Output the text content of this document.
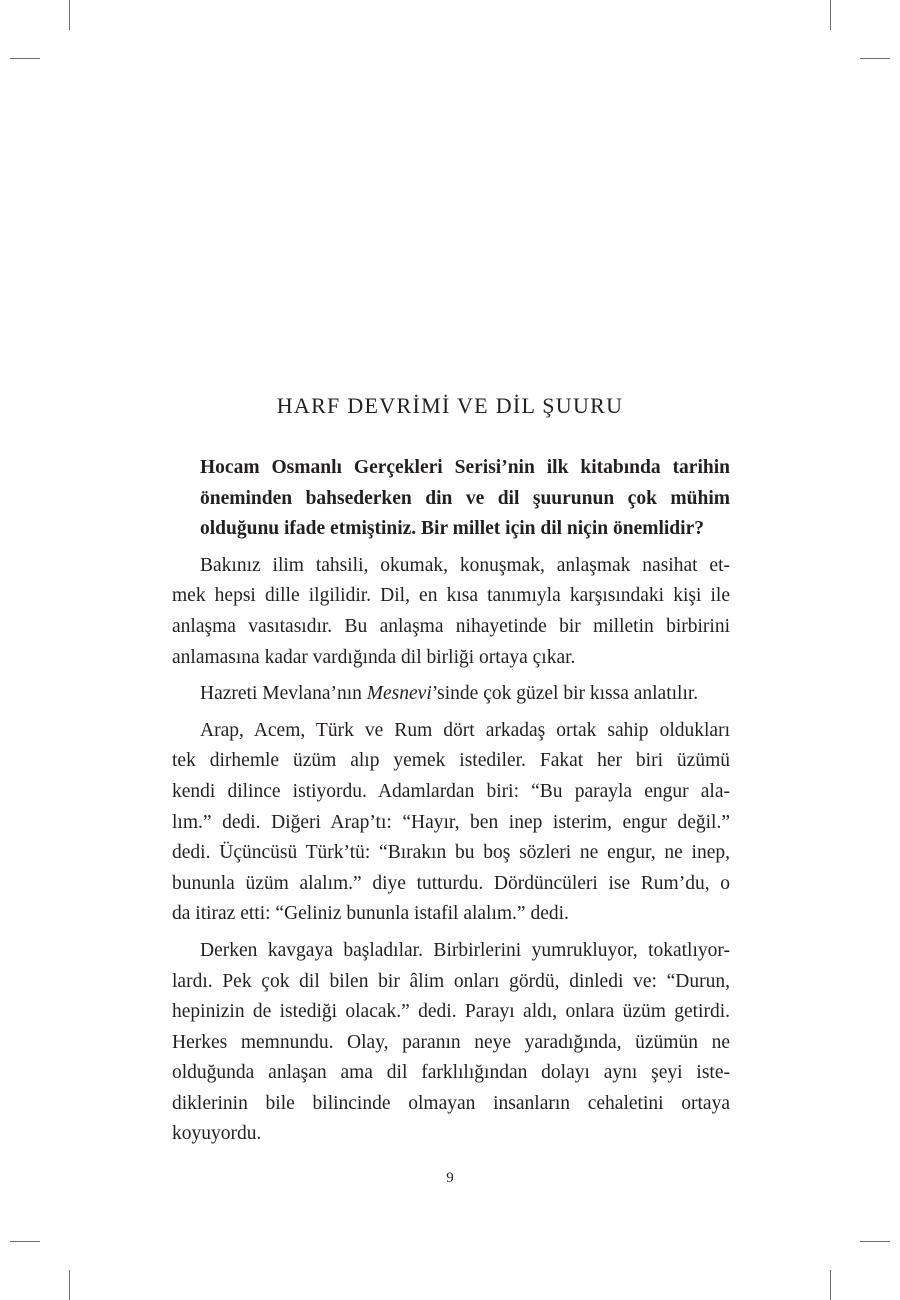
HARF DEVRİMİ VE DİL ŞUURU
Hocam Osmanlı Gerçekleri Serisi’nin ilk kitabında tarihin
öneminden bahsederken din ve dil şuurunun çok mühim
olduğunu ifade etmiştiniz. Bir millet için dil niçin önemlidir?
Bakınız ilim tahsili, okumak, konuşmak, anlaşmak nasihat et-
mek hepsi dille ilgilidir. Dil, en kısa tanımıyla karşısındaki kişi ile
anlaşma vasıtasıdır. Bu anlaşma nihayetinde bir milletin birbirini
anlamasına kadar vardığında dil birliği ortaya çıkar.
Hazreti Mevlana’nın Mesnevi’sinde çok güzel bir kıssa anlatılır.
Arap, Acem, Türk ve Rum dört arkadaş ortak sahip oldukları
tek dirhemle üzüm alıp yemek istediler. Fakat her biri üzümü
kendi dilince istiyordu. Adamlardan biri: “Bu parayla engur ala-
lım.” dedi. Diğeri Arap’tı: “Hayır, ben inep isterim, engur değil.”
dedi. Üçüncüsü Türk’tü: “Bırakın bu boş sözleri ne engur, ne inep,
bununla üzüm alalım.” diye tutturdu. Dördüncüleri ise Rum’du, o
da itiraz etti: “Geliniz bununla istafil alalım.” dedi.
Derken kavgaya başladılar. Birbirlerini yumrukluyor, tokatlıyor-
lardı. Pek çok dil bilen bir âlim onları gördü, dinledi ve: “Durun,
hepinizin de istediği olacak.” dedi. Parayı aldı, onlara üzüm getirdi.
Herkes memnundu. Olay, paranın neye yaradığında, üzümün ne
olduğunda anlaşan ama dil farklılığından dolayı aynı şeyi iste-
diklerinin bile bilincinde olmayan insanların cehaletini ortaya
koyuyordu.
9
